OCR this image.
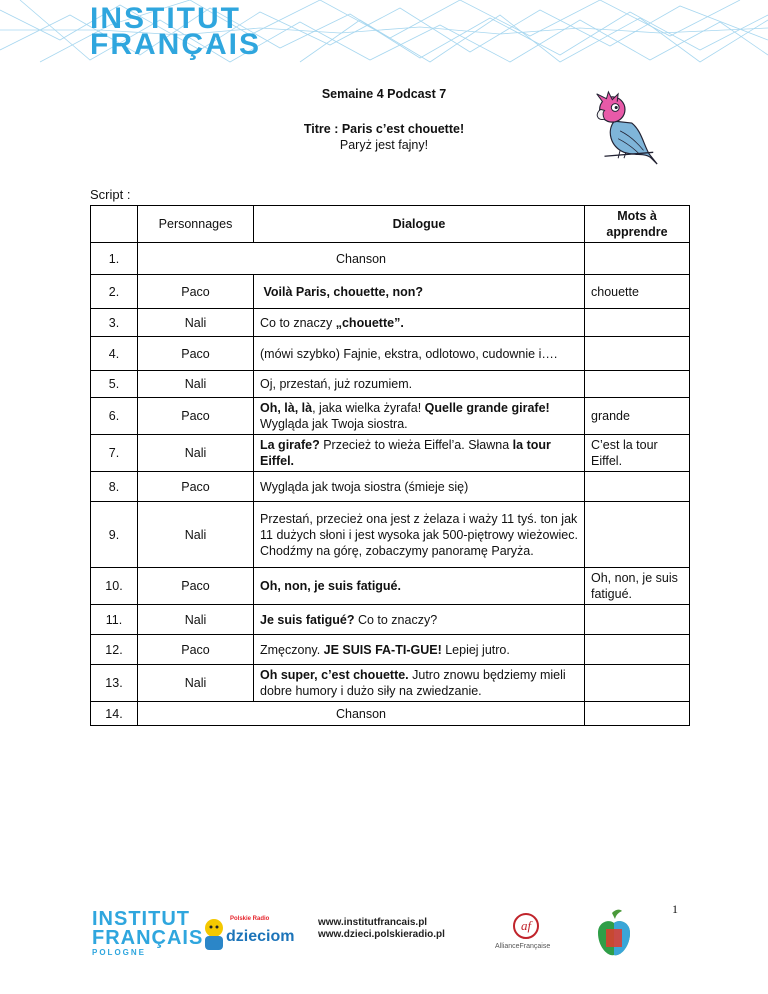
INSTITUT
FRANÇAIS
Semaine 4 Podcast 7
Titre : Paris c’est chouette!
Paryż jest fajny!
Script :
	Personnages	Dialogue	Mots à apprendre
1.	Chanson		
2.	Paco	Voilà Paris, chouette, non?	chouette
3.	Nali	Co to znaczy „chouette”.	
4.	Paco	(mówi szybko) Fajnie, ekstra, odlotowo, cudownie i….	
5.	Nali	Oj, przestań, już rozumiem.	
6.	Paco	Oh, là, là, jaka wielka żyrafa! Quelle grande girafe! Wygląda jak Twoja siostra.	grande
7.	Nali	La girafe? Przecież to wieża Eiffel’a. Sławna la tour Eiffel.	C’est la tour Eiffel.
8.	Paco	Wygląda jak twoja siostra (śmieje się)	
9.	Nali	Przestań, przecież ona jest z żelaza i waży 11 tyś. ton jak 11 dużych słoni i jest wysoka jak 500-piętrowy wieżowiec. Chodźmy na górę, zobaczymy panoramę Paryża.	
10.	Paco	Oh, non, je suis fatigué.	Oh, non, je suis fatigué.
11.	Nali	Je suis fatigué? Co to znaczy?	
12.	Paco	Zmęczony. JE SUIS FA-TI-GUE! Lepiej jutro.	
13.	Nali	Oh super, c’est chouette. Jutro znowu będziemy mieli dobre humory i dużo siły na zwiedzanie.	
14.	Chanson		
1
INSTITUT
FRANÇAIS
POLOGNE
Polskie Radio
dzieciom
www.institutfrancais.pl
www.dzieci.polskieradio.pl
af
AllianceFrançaise
